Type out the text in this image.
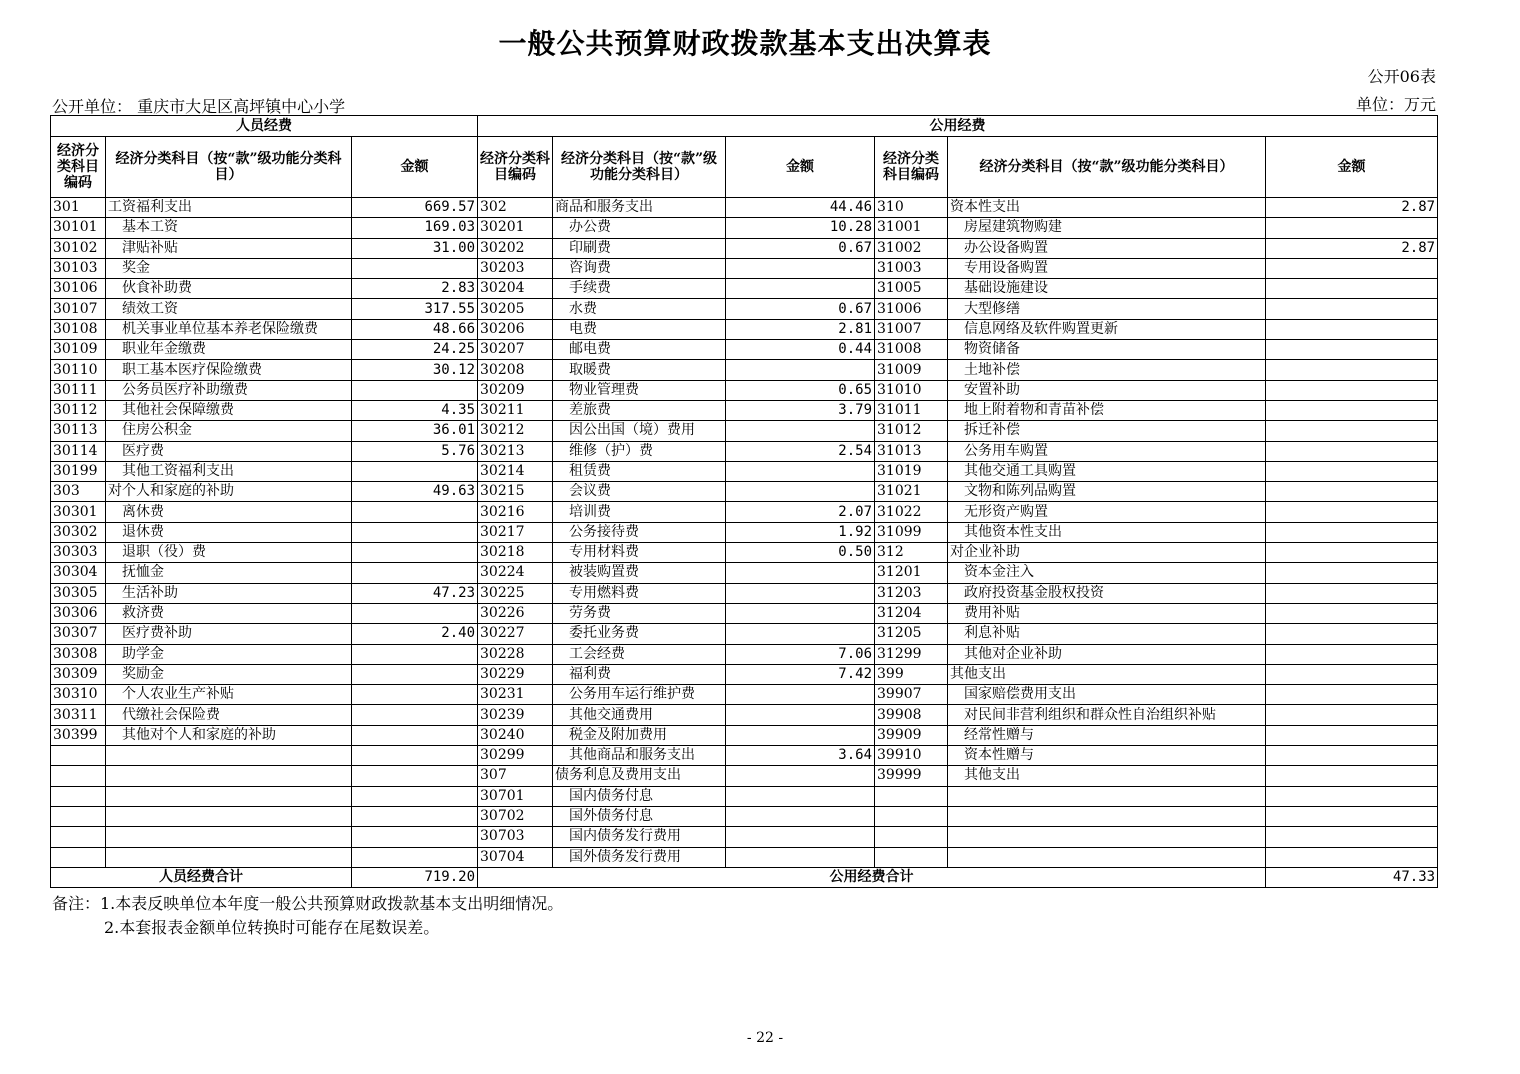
一般公共预算财政拨款基本支出决算表
公开06表
公开单位： 重庆市大足区高坪镇中心小学	单位：万元
人员经费			公用经费					
经济分类科目编码	经济分类科目（按“款”级功能分类科目）	金额	经济分类科目编码	经济分类科目（按“款”级功能分类科目）	金额	经济分类科目编码	经济分类科目（按“款”级功能分类科目）	金额
301	工资福利支出	669.57	302	商品和服务支出	44.46	310	资本性支出	2.87
30101	　基本工资	169.03	30201	　办公费	10.28	31001	　房屋建筑物购建	
30102	　津贴补贴	31.00	30202	　印刷费	0.67	31002	　办公设备购置	2.87
30103	　奖金		30203	　咨询费		31003	　专用设备购置	
30106	　伙食补助费	2.83	30204	　手续费		31005	　基础设施建设	
30107	　绩效工资	317.55	30205	　水费	0.67	31006	　大型修缮	
30108	　机关事业单位基本养老保险缴费	48.66	30206	　电费	2.81	31007	　信息网络及软件购置更新	
30109	　职业年金缴费	24.25	30207	　邮电费	0.44	31008	　物资储备	
30110	　职工基本医疗保险缴费	30.12	30208	　取暖费		31009	　土地补偿	
30111	　公务员医疗补助缴费		30209	　物业管理费	0.65	31010	　安置补助	
30112	　其他社会保障缴费	4.35	30211	　差旅费	3.79	31011	　地上附着物和青苗补偿	
30113	　住房公积金	36.01	30212	　因公出国（境）费用		31012	　拆迁补偿	
30114	　医疗费	5.76	30213	　维修（护）费	2.54	31013	　公务用车购置	
30199	　其他工资福利支出		30214	　租赁费		31019	　其他交通工具购置	
303	对个人和家庭的补助	49.63	30215	　会议费		31021	　文物和陈列品购置	
30301	　离休费		30216	　培训费	2.07	31022	　无形资产购置	
30302	　退休费		30217	　公务接待费	1.92	31099	　其他资本性支出	
30303	　退职（役）费		30218	　专用材料费	0.50	312	对企业补助	
30304	　抚恤金		30224	　被装购置费		31201	　资本金注入	
30305	　生活补助	47.23	30225	　专用燃料费		31203	　政府投资基金股权投资	
30306	　救济费		30226	　劳务费		31204	　费用补贴	
30307	　医疗费补助	2.40	30227	　委托业务费		31205	　利息补贴	
30308	　助学金		30228	　工会经费	7.06	31299	　其他对企业补助	
30309	　奖励金		30229	　福利费	7.42	399	其他支出	
30310	　个人农业生产补贴		30231	　公务用车运行维护费		39907	　国家赔偿费用支出	
30311	　代缴社会保险费		30239	　其他交通费用		39908	　对民间非营利组织和群众性自治组织补贴	
30399	　其他对个人和家庭的补助		30240	　税金及附加费用		39909	　经常性赠与	
			30299	　其他商品和服务支出	3.64	39910	　资本性赠与	
			307	债务利息及费用支出		39999	　其他支出	
			30701	　国内债务付息				
			30702	　国外债务付息				
			30703	　国内债务发行费用				
			30704	　国外债务发行费用				
人员经费合计		719.20	公用经费合计					47.33
备注：1.本表反映单位本年度一般公共预算财政拨款基本支出明细情况。
2.本套报表金额单位转换时可能存在尾数误差。
- 22 -
